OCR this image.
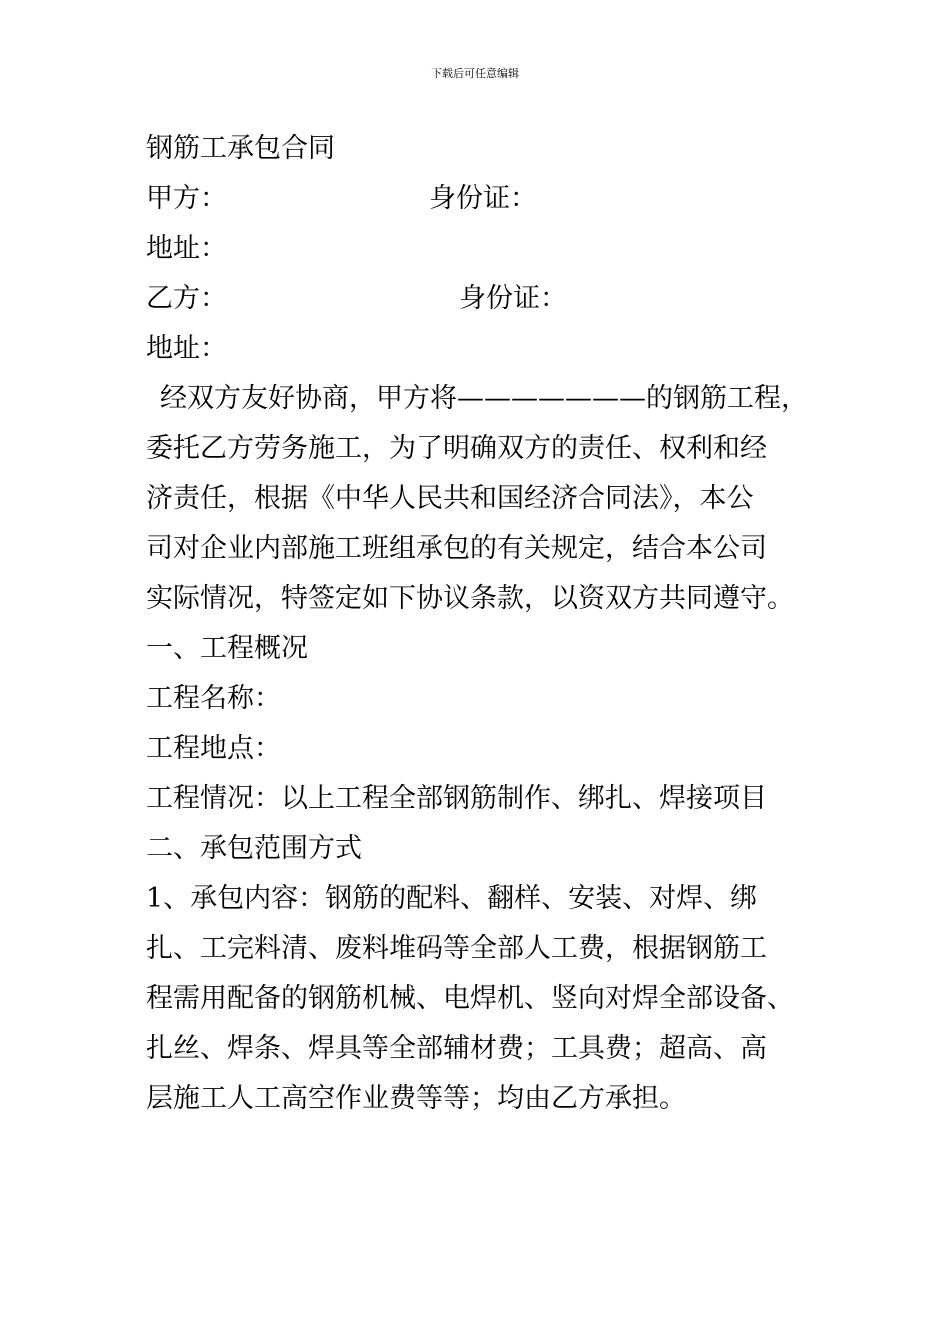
下载后可任意编辑
钢筋工承包合同
甲方：	身份证：
地址：
乙方：	身份证：
地址：
经双方友好协商，甲方将———————的钢筋工程，
委托乙方劳务施工，为了明确双方的责任、权利和经
济责任，根据《中华人民共和国经济合同法》，本公
司对企业内部施工班组承包的有关规定，结合本公司
实际情况，特签定如下协议条款，以资双方共同遵守。
一、工程概况
工程名称：
工程地点：
工程情况：以上工程全部钢筋制作、绑扎、焊接项目
二、承包范围方式
1、承包内容：钢筋的配料、翻样、安装、对焊、绑
扎、工完料清、废料堆码等全部人工费，根据钢筋工
程需用配备的钢筋机械、电焊机、竖向对焊全部设备、
扎丝、焊条、焊具等全部辅材费；工具费；超高、高
层施工人工高空作业费等等；均由乙方承担。
